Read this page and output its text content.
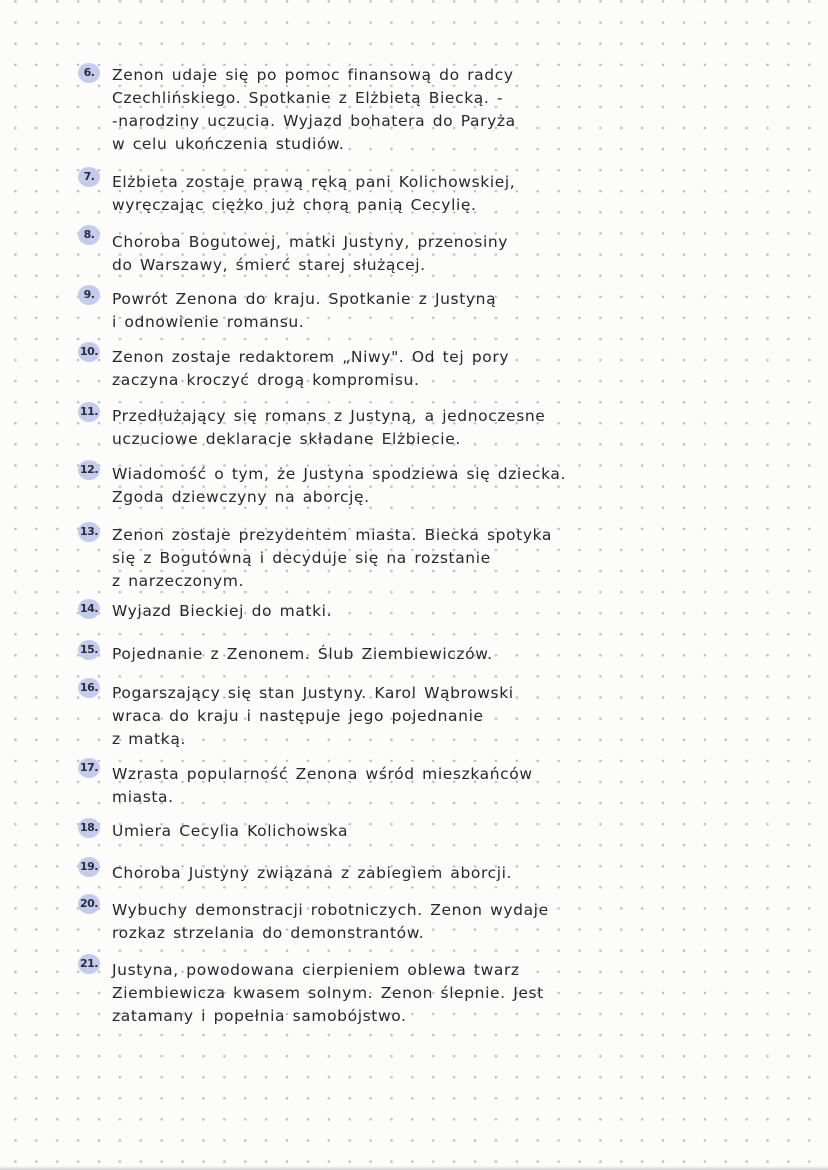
6.	Zenon udaje się po pomoc finansową do radcy
Czechlińskiego. Spotkanie z Elżbietą Biecką. -
-narodziny uczucia. Wyjazd bohatera do Paryża
w celu ukończenia studiów.
7.	Elżbieta zostaje prawą ręką pani Kolichowskiej,
wyręczając ciężko już chorą panią Cecylię.
8.	Choroba Bogutowej, matki Justyny, przenosiny
do Warszawy, śmierć starej służącej.
9.	Powrót Zenona do kraju. Spotkanie z Justyną
i odnowienie romansu.
10. Zenon zostaje redaktorem „Niwy". Od tej pory
zaczyna kroczyć drogą kompromisu.
11. Przedłużający się romans z Justyną, a jednoczesne
uczuciowe deklaracje składane Elżbiecie.
12. Wiadomość o tym, że Justyna spodziewa się dziecka.
Zgoda dziewczyny na aborcję.
13. Zenon zostaje prezydentem miasta. Biecka spotyka
się z Bogutówną i decyduje się na rozstanie
z narzeczonym.
14. Wyjazd Bieckiej do matki.
15. Pojednanie z Zenonem. Ślub Ziembiewiczów.
16. Pogarszający się stan Justyny. Karol Wąbrowski
wraca do kraju i następuje jego pojednanie
z matką.
17. Wzrasta popularność Zenona wśród mieszkańców
miasta.
18. Umiera Cecylia Kolichowska
19. Choroba Justyny związana z zabiegiem aborcji.
20. Wybuchy demonstracji robotniczych. Zenon wydaje
rozkaz strzelania do demonstrantów.
21. Justyna, powodowana cierpieniem oblewa twarz
Ziembiewicza kwasem solnym. Zenon ślepnie. Jest
zatamany i popełnia samobójstwo.
